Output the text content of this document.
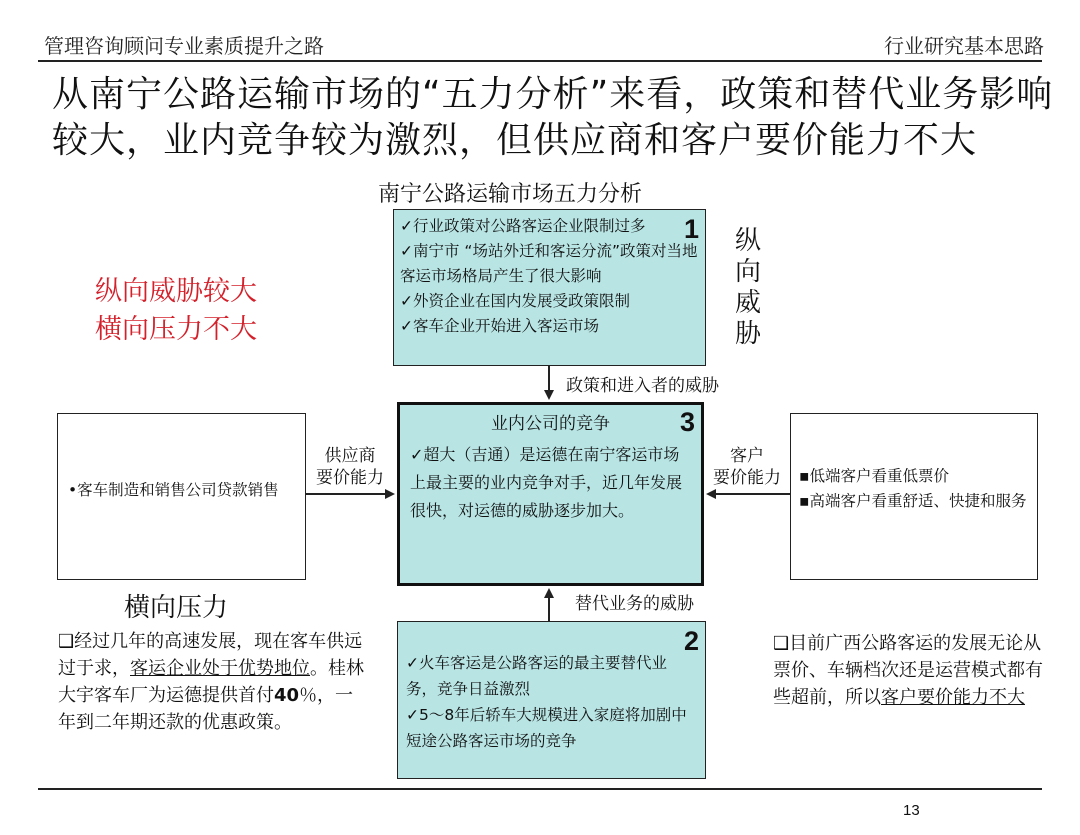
管理咨询顾问专业素质提升之路	行业研究基本思路
从南宁公路运输市场的“五力分析”来看，政策和替代业务影响较大，业内竞争较为激烈，但供应商和客户要价能力不大
南宁公路运输市场五力分析
纵向威胁较大
横向压力不大
纵
向
威
胁
1

✓行业政策对公路客运企业限制过多

✓南宁市 “场站外迁和客运分流”政策对当地客运市场格局产生了很大影响

✓外资企业在国内发展受政策限制

✓客车企业开始进入客运市场

政策和进入者的威胁
替代业务的威胁
3
业内公司的竞争

✓超大（吉通）是运德在南宁客运市场上最主要的业内竞争对手，近几年发展很快，对运德的威胁逐步加大。

•客车制造和销售公司贷款销售

供应商
要价能力	▪低端客户看重低票价

▪高端客户看重舒适、快捷和服务

客户
要价能力
横向压力
2

✓火车客运是公路客运的最主要替代业务，竞争日益激烈

✓5～8年后轿车大规模进入家庭将加剧中短途公路客运市场的竞争

❑经过几年的高速发展，现在客车供远过于求，客运企业处于优势地位。桂林大宇客车厂为运德提供首付40％，一年到二年期还款的优惠政策。
❑目前广西公路客运的发展无论从票价、车辆档次还是运营模式都有些超前，所以客户要价能力不大
13
